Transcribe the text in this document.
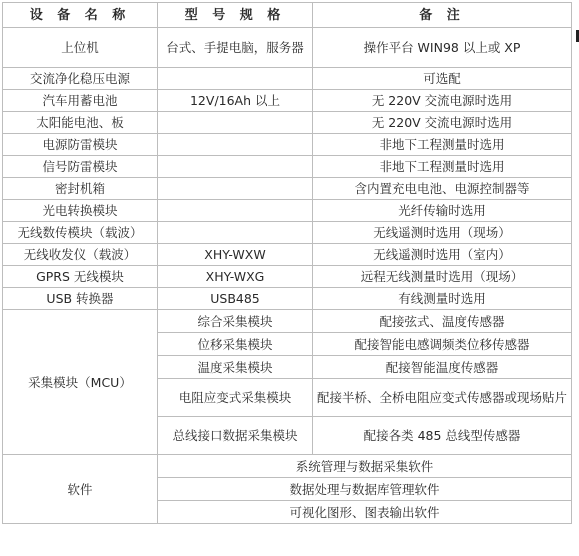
设 备 名 称	型 号 规 格	备 注
上位机	台式、手提电脑，服务器	操作平台 WIN98 以上或 XP
交流净化稳压电源		可选配
汽车用蓄电池	12V/16Ah 以上	无 220V 交流电源时选用
太阳能电池、板		无 220V 交流电源时选用
电源防雷模块		非地下工程测量时选用
信号防雷模块		非地下工程测量时选用
密封机箱		含内置充电电池、电源控制器等
光电转换模块		光纤传输时选用
无线数传模块（载波）		无线遥测时选用（现场）
无线收发仪（载波）	XHY-WXW	无线遥测时选用（室内）
GPRS 无线模块	XHY-WXG	远程无线测量时选用（现场）
USB 转换器	USB485	有线测量时选用
采集模块（MCU）	综合采集模块	配接弦式、温度传感器
	位移采集模块	配接智能电感调频类位移传感器
	温度采集模块	配接智能温度传感器
	电阻应变式采集模块	配接半桥、全桥电阻应变式传感器或现场贴片
	总线接口数据采集模块	配接各类 485 总线型传感器
软件	系统管理与数据采集软件	
	数据处理与数据库管理软件	
	可视化图形、图表输出软件	
